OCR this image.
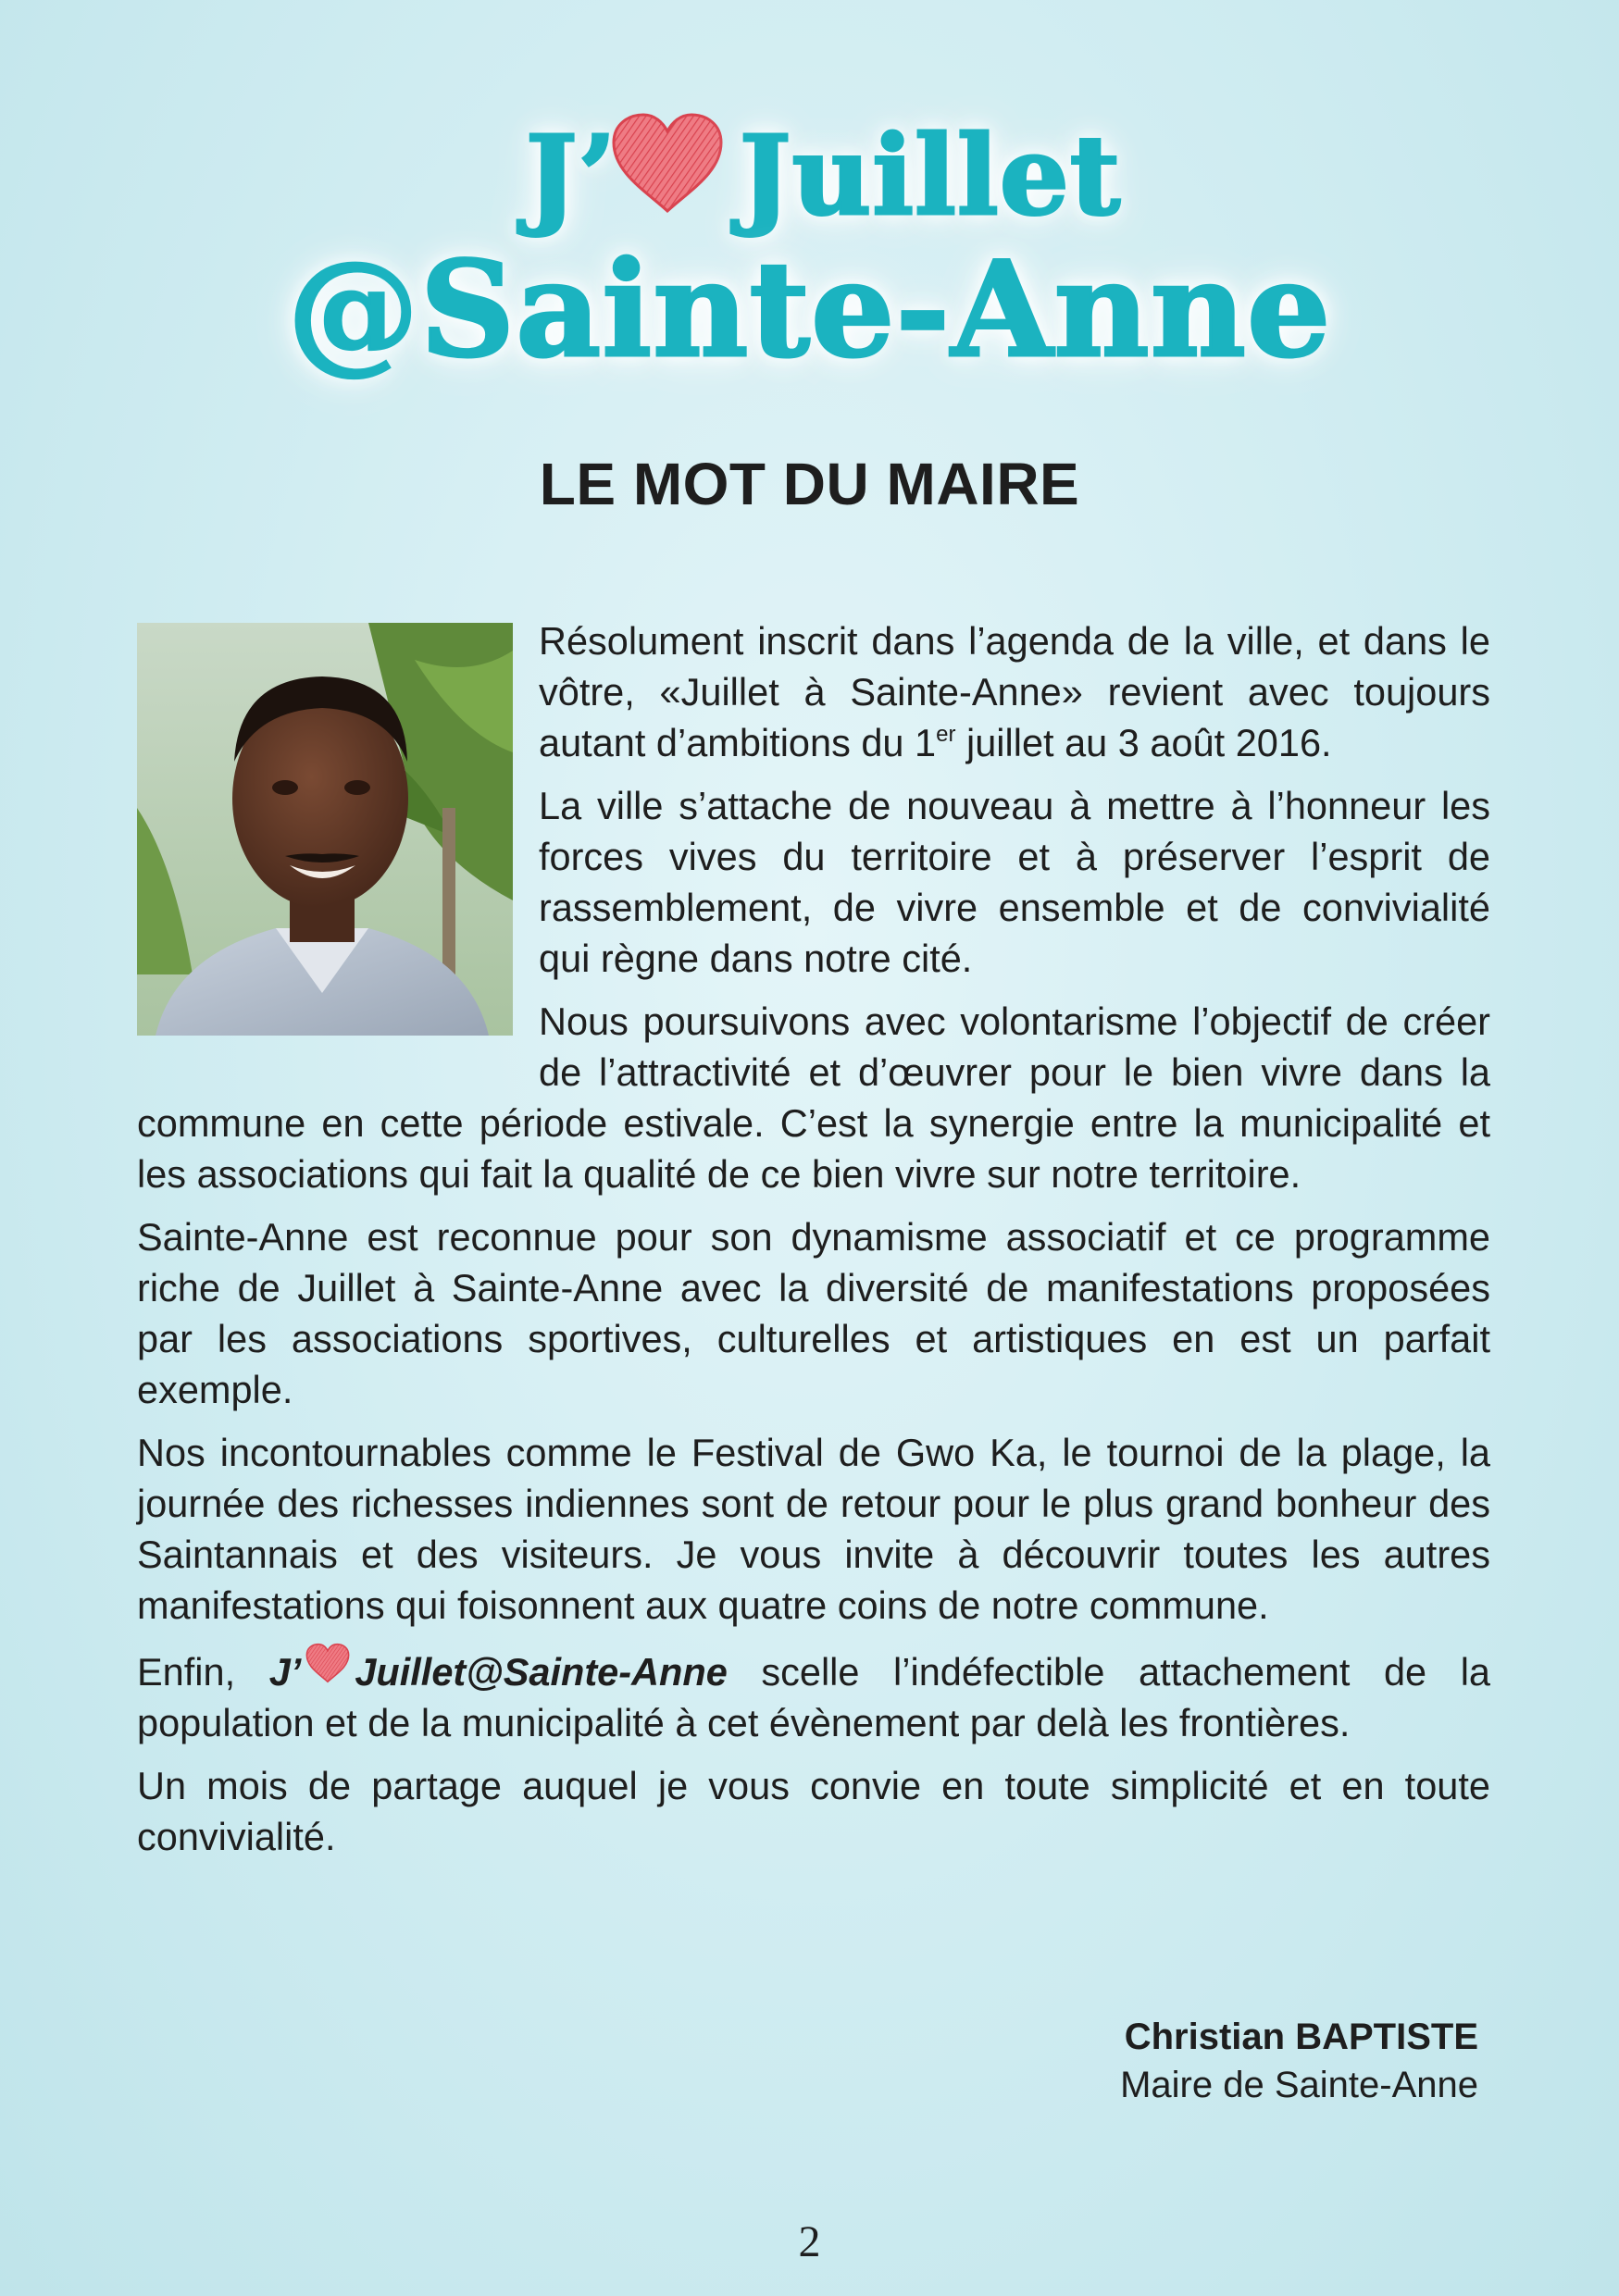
J’ Juillet
@Sainte-Anne
LE MOT DU MAIRE

Résolument inscrit dans l’agenda de la ville, et dans le vôtre, «Juillet à Sainte-Anne» revient avec toujours autant d’ambitions du 1er juillet au 3 août 2016.

La ville s’attache de nouveau à mettre à l’honneur les forces vives du territoire et à préserver l’esprit de rassemblement, de vivre ensemble et de convivialité qui règne dans notre cité.

Nous poursuivons avec volontarisme l’objectif de créer de l’attractivité et d’œuvrer pour le bien vivre dans la commune en cette période estivale. C’est la synergie entre la municipalité et les associations qui fait la qualité de ce bien vivre sur notre territoire.

Sainte-Anne est reconnue pour son dynamisme associatif et ce programme riche de Juillet à Sainte-Anne avec la diversité de manifestations proposées par les associations sportives, culturelles et artistiques en est un parfait exemple.

Nos incontournables comme le Festival de Gwo Ka, le tournoi de la plage, la journée des richesses indiennes sont de retour pour le plus grand bonheur des Saintannais et des visiteurs. Je vous invite à découvrir toutes les autres manifestations qui foisonnent aux quatre coins de notre commune.

Enfin, J’ Juillet@Sainte-Anne scelle l’indéfectible attachement de la population et de la municipalité à cet évènement par delà les frontières.

Un mois de partage auquel je vous convie en toute simplicité et en toute convivialité.

Christian BAPTISTE
Maire de Sainte-Anne
2
